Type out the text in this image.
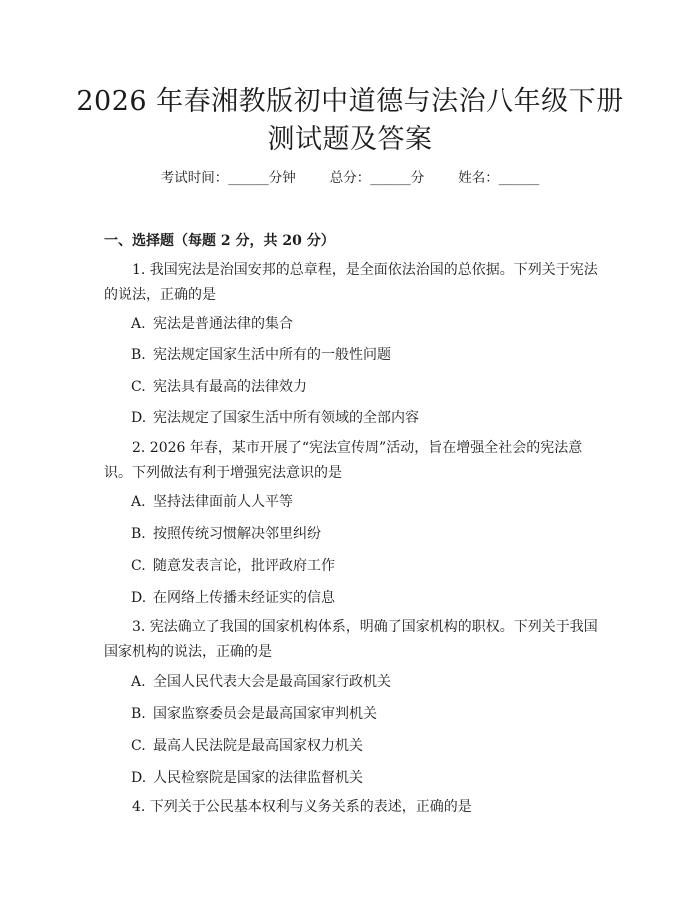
2026 年春湘教版初中道德与法治八年级下册
测试题及答案
考试时间：______分钟	总分：______分	姓名：______
一、选择题（每题 2 分，共 20 分）
1. 我国宪法是治国安邦的总章程，是全面依法治国的总依据。下列关于宪法的说法，正确的是
A. 宪法是普通法律的集合
B. 宪法规定国家生活中所有的一般性问题
C. 宪法具有最高的法律效力
D. 宪法规定了国家生活中所有领域的全部内容
2. 2026 年春，某市开展了“宪法宣传周”活动，旨在增强全社会的宪法意识。下列做法有利于增强宪法意识的是
A. 坚持法律面前人人平等
B. 按照传统习惯解决邻里纠纷
C. 随意发表言论，批评政府工作
D. 在网络上传播未经证实的信息
3. 宪法确立了我国的国家机构体系，明确了国家机构的职权。下列关于我国国家机构的说法，正确的是
A. 全国人民代表大会是最高国家行政机关
B. 国家监察委员会是最高国家审判机关
C. 最高人民法院是最高国家权力机关
D. 人民检察院是国家的法律监督机关
4. 下列关于公民基本权利与义务关系的表述，正确的是
